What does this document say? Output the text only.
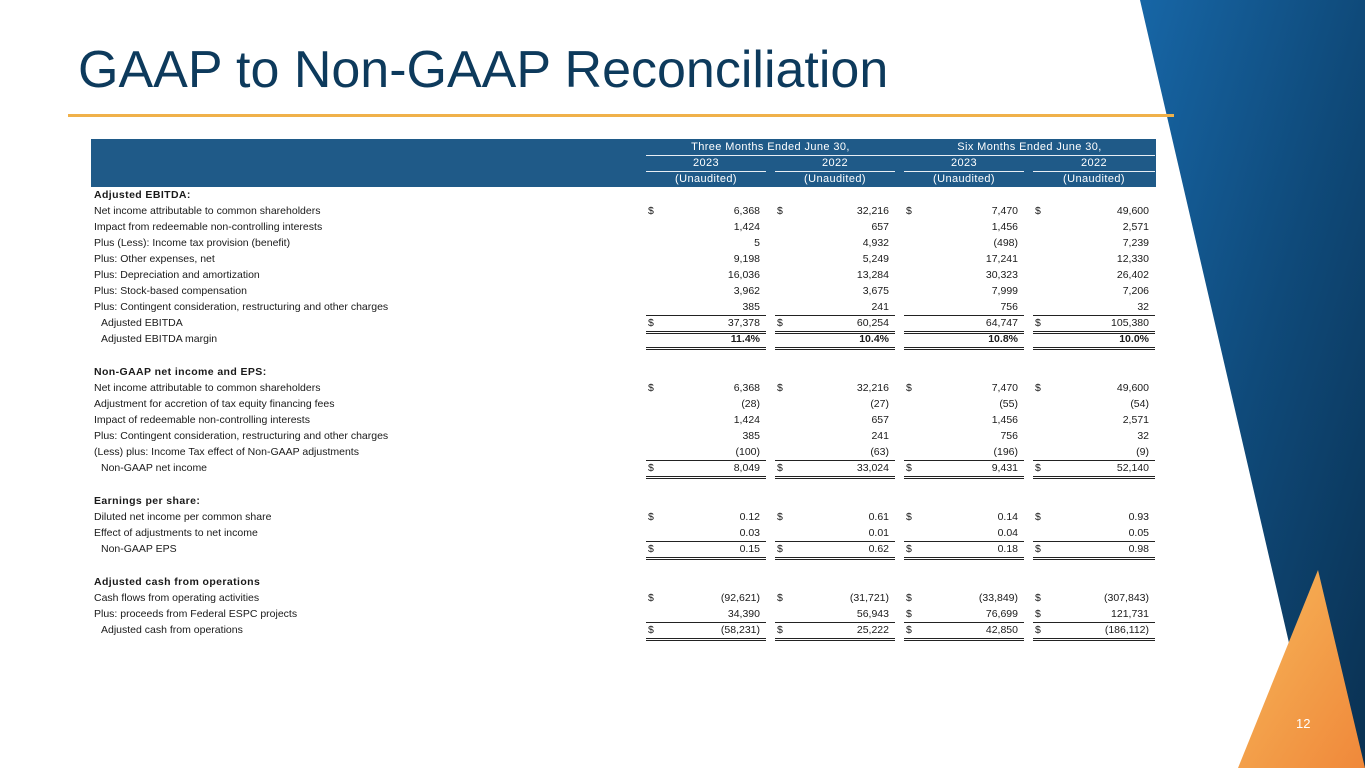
GAAP to Non-GAAP Reconciliation
Three Months Ended June 30,	Six Months Ended June 30,
2023	2022	2023	2022
(Unaudited)	(Unaudited)	(Unaudited)	(Unaudited)
Adjusted EBITDA:
Net income attributable to common shareholders	$	6,368 $	32,216 $	7,470 $	49,600
Impact from redeemable non-controlling interests	1,424	657	1,456	2,571
Plus (Less): Income tax provision (benefit)	5	4,932	(498)	7,239
Plus: Other expenses, net	9,198	5,249	17,241	12,330
Plus: Depreciation and amortization	16,036	13,284	30,323	26,402
Plus: Stock-based compensation	3,962	3,675	7,999	7,206
Plus: Contingent consideration, restructuring and other charges	385	241	756	32
Adjusted EBITDA	$	37,378 $	60,254	64,747 $	105,380
Adjusted EBITDA margin	11.4%	10.4%	10.8%	10.0%
Non-GAAP net income and EPS:
Net income attributable to common shareholders	$	6,368 $	32,216 $	7,470 $	49,600
Adjustment for accretion of tax equity financing fees	(28)	(27)	(55)	(54)
Impact of redeemable non-controlling interests	1,424	657	1,456	2,571
Plus: Contingent consideration, restructuring and other charges	385	241	756	32
(Less) plus: Income Tax effect of Non-GAAP adjustments	(100)	(63)	(196)	(9)
Non-GAAP net income	$	8,049 $	33,024 $	9,431 $	52,140
Earnings per share:
Diluted net income per common share	$	0.12 $	0.61 $	0.14 $	0.93
Effect of adjustments to net income	0.03	0.01	0.04	0.05
Non-GAAP EPS	$	0.15 $	0.62 $	0.18 $	0.98
Adjusted cash from operations
Cash flows from operating activities	$	(92,621) $	(31,721) $	(33,849) $	(307,843)
Plus: proceeds from Federal ESPC projects	34,390	56,943 $	76,699 $	121,731
Adjusted cash from operations	$	(58,231) $	25,222 $	42,850 $	(186,112)
12
